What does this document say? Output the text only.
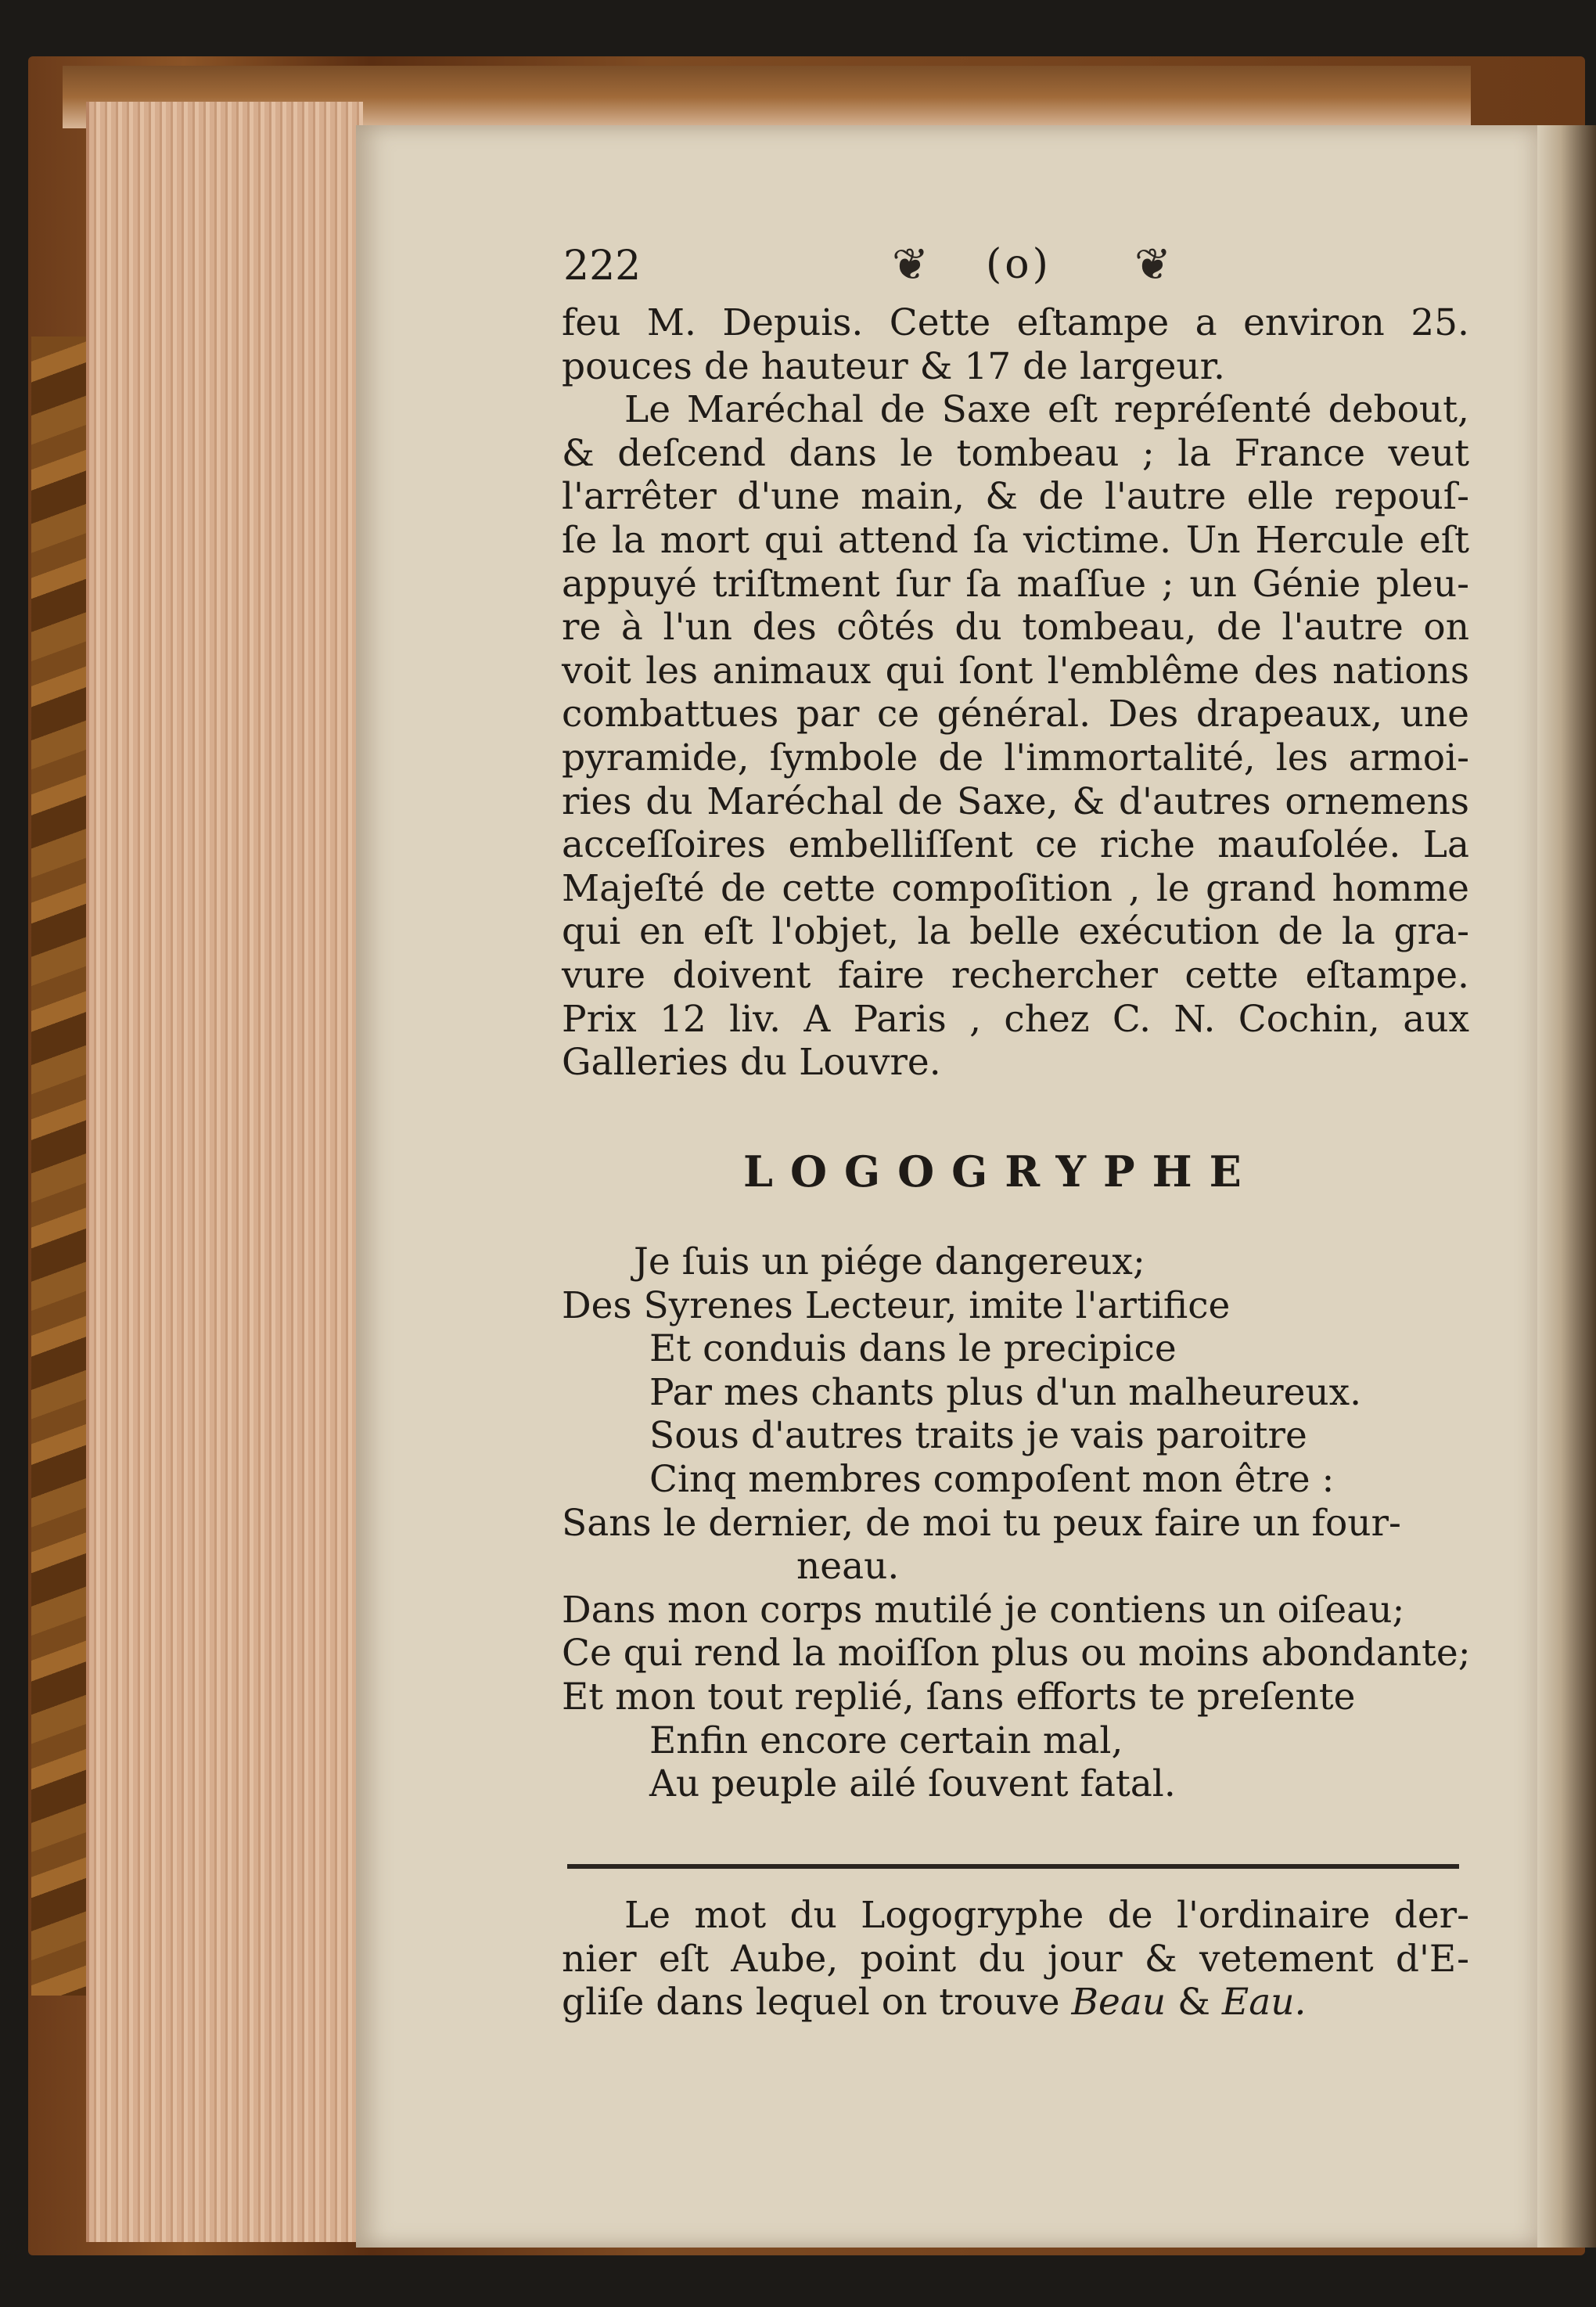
222	❦ (o) ❦
feu M. Depuis. Cette eſtampe a environ 25.
pouces de hauteur & 17 de largeur.
Le Maréchal de Saxe eſt repréſenté debout,
& deſcend dans le tombeau ; la France veut
l'arrêter d'une main, & de l'autre elle repouſ-
ſe la mort qui attend ſa victime. Un Hercule eſt
appuyé triſtment ſur ſa maſſue ; un Génie pleu-
re à l'un des côtés du tombeau, de l'autre on
voit les animaux qui ſont l'emblême des nations
combattues par ce général. Des drapeaux, une
pyramide, ſymbole de l'immortalité, les armoi-
ries du Maréchal de Saxe, & d'autres ornemens
acceſſoires embelliſſent ce riche mauſolée. La
Majeſté de cette compoſition , le grand homme
qui en eſt l'objet, la belle exécution de la gra-
vure doivent faire rechercher cette eſtampe.
Prix 12 liv. A Paris , chez C. N. Cochin, aux
Galleries du Louvre.
LOGOGRYPHE
Je ſuis un piége dangereux;
Des Syrenes Lecteur, imite l'artifice
Et conduis dans le precipice
Par mes chants plus d'un malheureux.
Sous d'autres traits je vais paroitre
Cinq membres compoſent mon être :
Sans le dernier, de moi tu peux faire un four-
neau.
Dans mon corps mutilé je contiens un oiſeau;
Ce qui rend la moiſſon plus ou moins abondante;
Et mon tout replié, ſans efforts te preſente
Enfin encore certain mal,
Au peuple ailé ſouvent fatal.
Le mot du Logogryphe de l'ordinaire der-
nier eſt Aube, point du jour & vetement d'E-
gliſe dans lequel on trouve Beau & Eau.
